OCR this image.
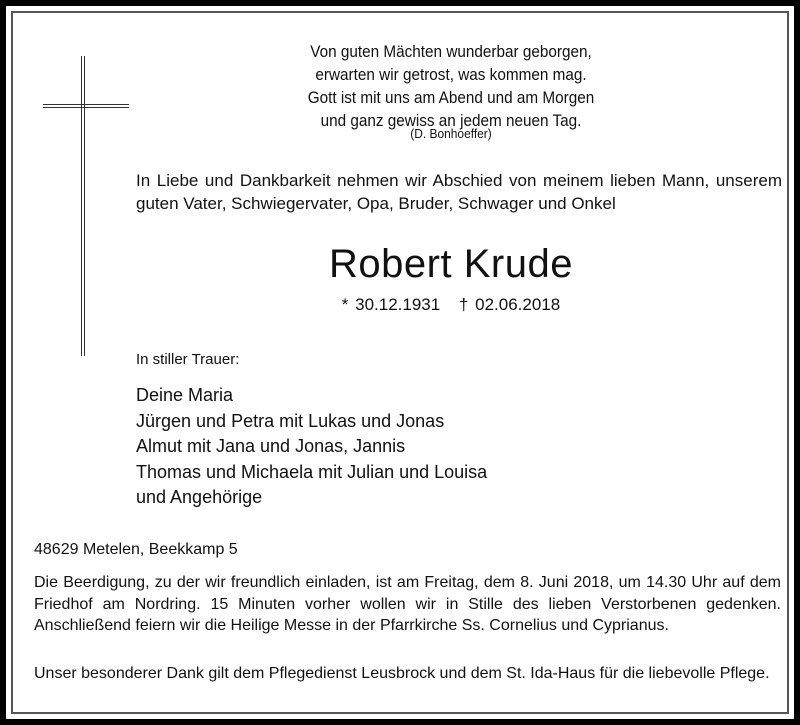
Von guten Mächten wunderbar geborgen,
erwarten wir getrost, was kommen mag.
Gott ist mit uns am Abend und am Morgen
und ganz gewiss an jedem neuen Tag.
(D. Bonhoeffer)
In Liebe und Dankbarkeit nehmen wir Abschied von meinem lieben Mann, unserem guten Vater, Schwiegervater, Opa, Bruder, Schwager und Onkel
Robert Krude
* 30.12.1931 † 02.06.2018
In stiller Trauer:
Deine Maria
Jürgen und Petra mit Lukas und Jonas
Almut mit Jana und Jonas, Jannis
Thomas und Michaela mit Julian und Louisa
und Angehörige
48629 Metelen, Beekkamp 5
Die Beerdigung, zu der wir freundlich einladen, ist am Freitag, dem 8. Juni 2018, um 14.30 Uhr auf dem Friedhof am Nordring. 15 Minuten vorher wollen wir in Stille des lieben Verstorbenen gedenken. Anschließend feiern wir die Heilige Messe in der Pfarrkirche Ss. Cornelius und Cyprianus.
Unser besonderer Dank gilt dem Pflegedienst Leusbrock und dem St. Ida-Haus für die liebevolle Pflege.
